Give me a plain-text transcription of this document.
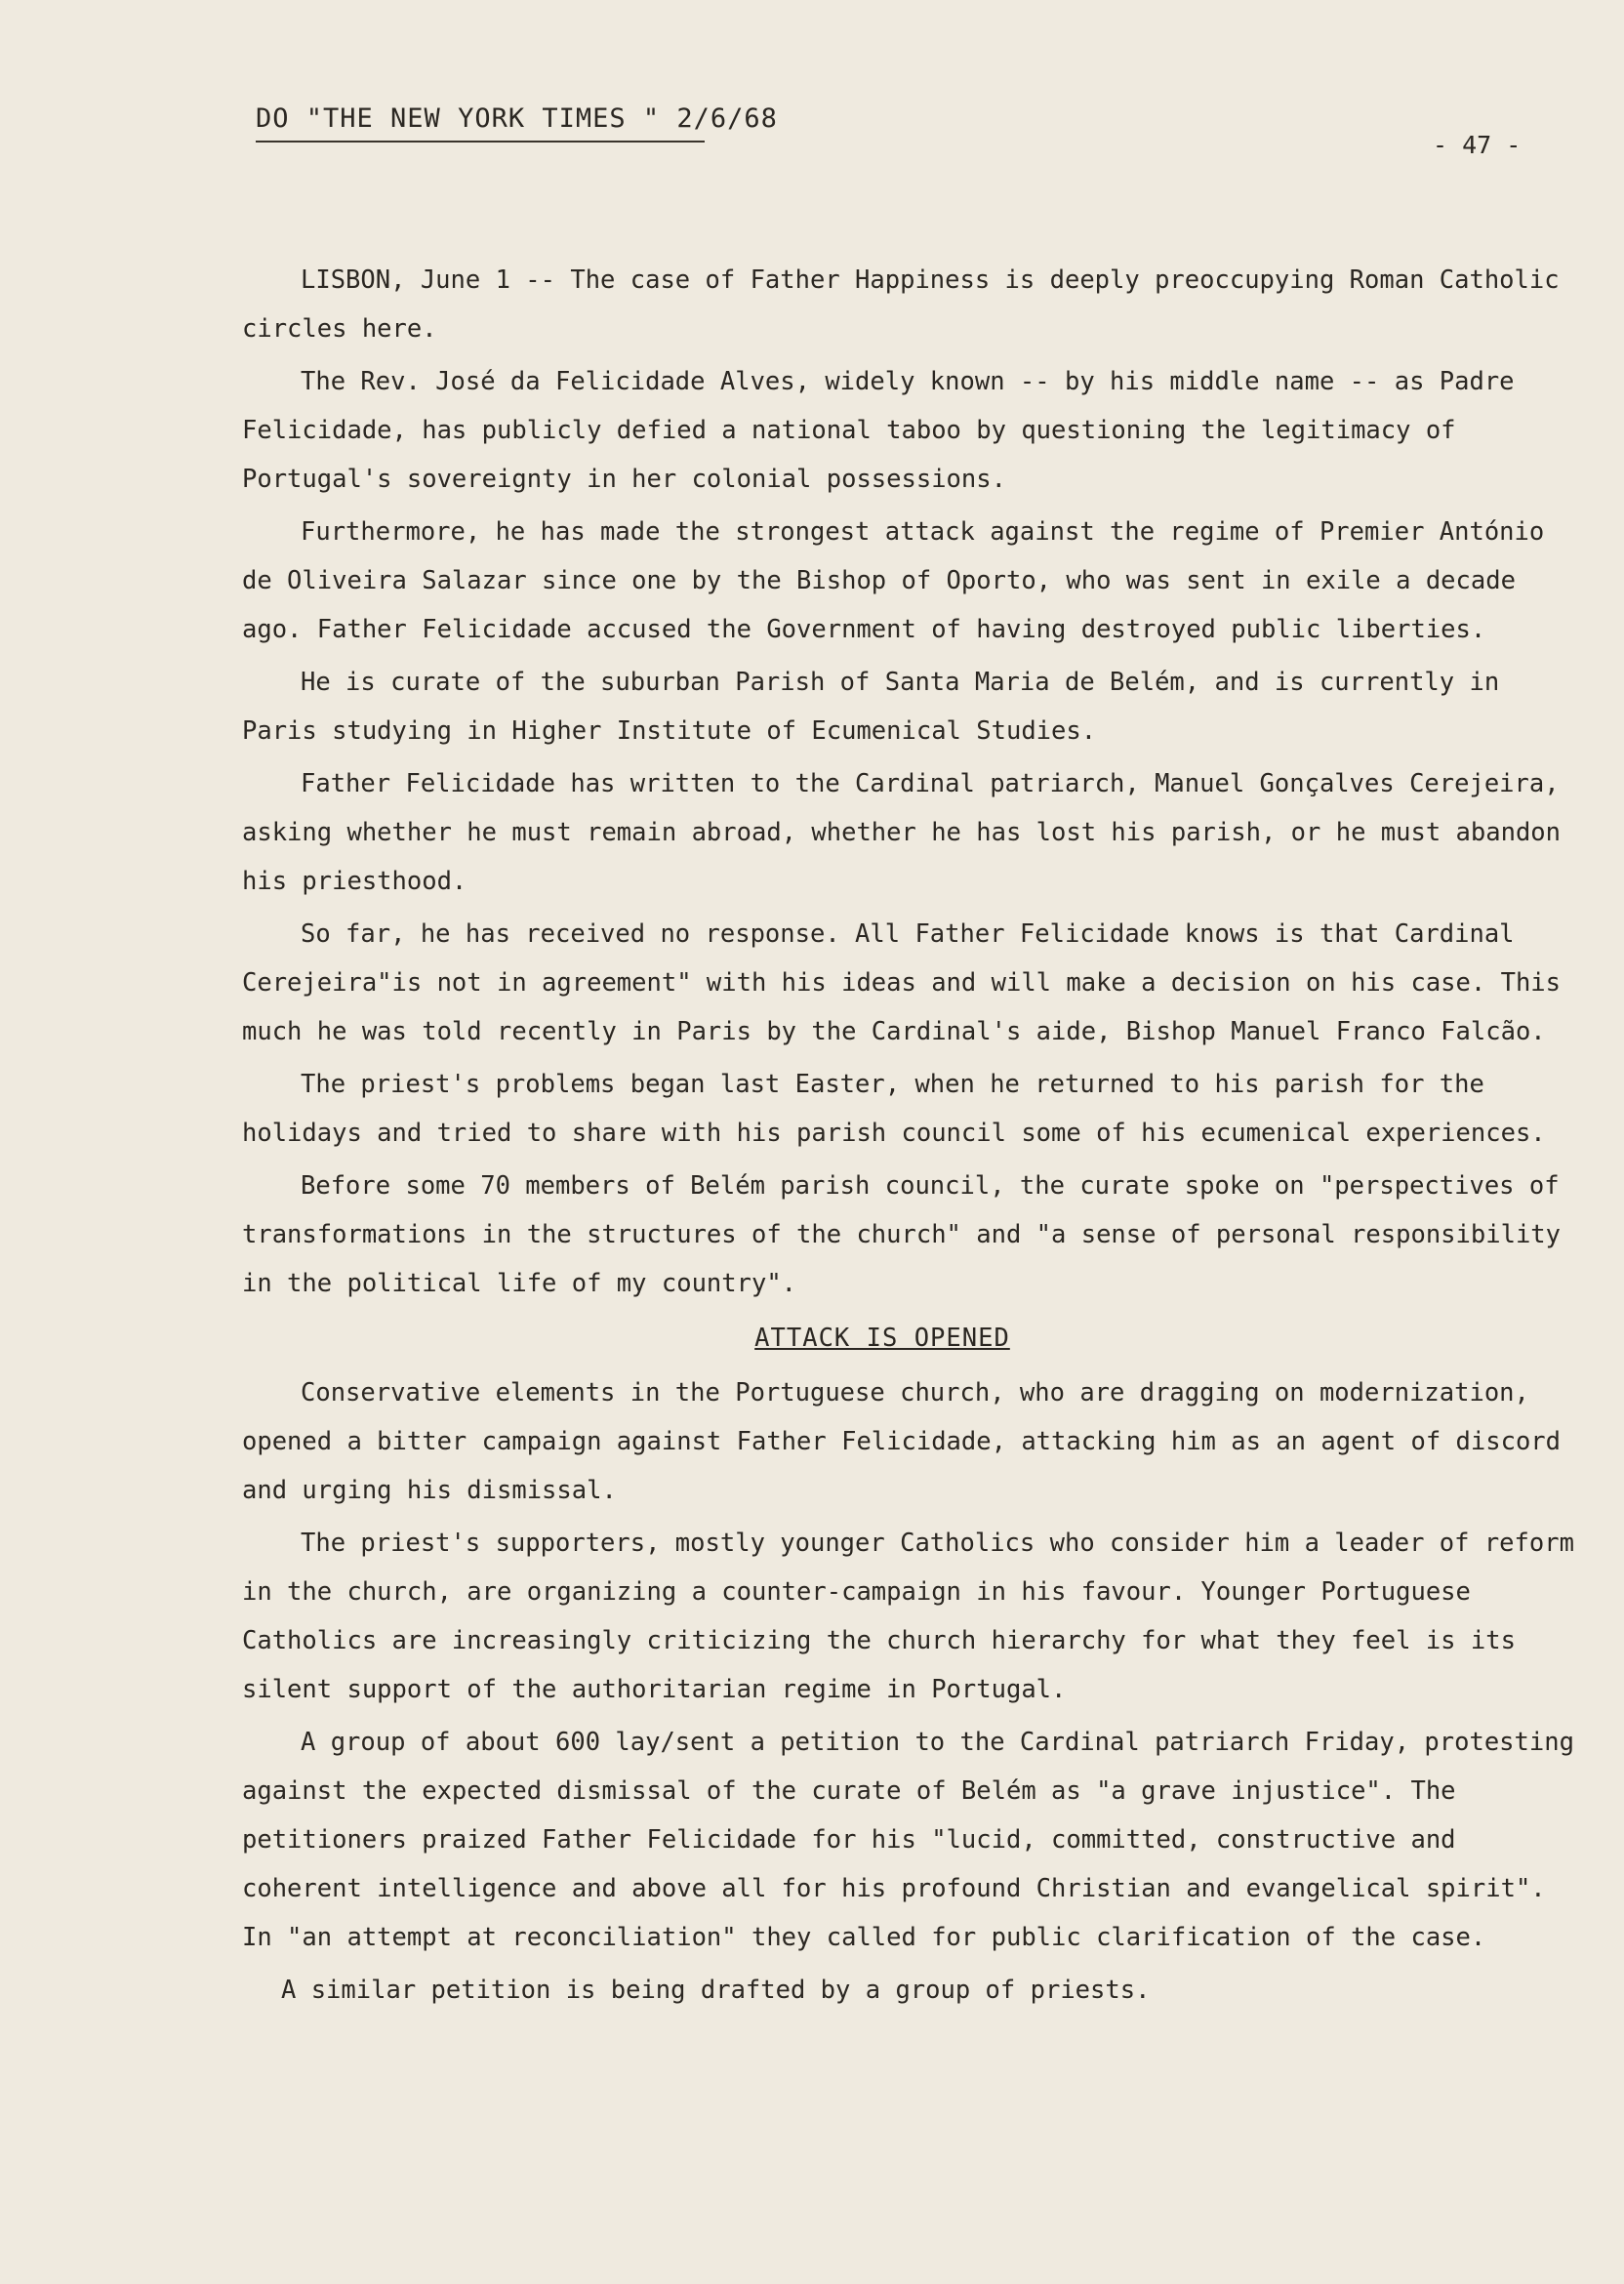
DO "THE NEW YORK TIMES " 2/6/68
- 47 -

LISBON, June 1 -- The case of Father Happiness is deeply preoccupying Roman Catholic circles here.

The Rev. José da Felicidade Alves, widely known -- by his middle name -- as Padre Felicidade, has publicly defied a national taboo by questioning the legitimacy of Portugal's sovereignty in her colonial possessions.

Furthermore, he has made the strongest attack against the regime of Premier António de Oliveira Salazar since one by the Bishop of Oporto, who was sent in exile a decade ago. Father Felicidade accused the Government of having destroyed public liberties.

He is curate of the suburban Parish of Santa Maria de Belém, and is currently in Paris studying in Higher Institute of Ecumenical Studies.

Father Felicidade has written to the Cardinal patriarch, Manuel Gonçalves Cerejeira, asking whether he must remain abroad, whether he has lost his parish, or he must abandon his priesthood.

So far, he has received no response. All Father Felicidade knows is that Cardinal Cerejeira"is not in agreement" with his ideas and will make a decision on his case. This much he was told recently in Paris by the Cardinal's aide, Bishop Manuel Franco Falcão.

The priest's problems began last Easter, when he returned to his parish for the holidays and tried to share with his parish council some of his ecumenical experiences.

Before some 70 members of Belém parish council, the curate spoke on "perspectives of transformations in the structures of the church" and "a sense of personal responsibility in the political life of my country".

ATTACK IS OPENED

Conservative elements in the Portuguese church, who are dragging on modernization, opened a bitter campaign against Father Felicidade, attacking him as an agent of discord and urging his dismissal.

The priest's supporters, mostly younger Catholics who consider him a leader of reform in the church, are organizing a counter-campaign in his favour. Younger Portuguese Catholics are increasingly criticizing the church hierarchy for what they feel is its silent support of the authoritarian regime in Portugal.

A group of about 600 lay/sent a petition to the Cardinal patriarch Friday, protesting against the expected dismissal of the curate of Belém as "a grave injustice". The petitioners praized Father Felicidade for his "lucid, committed, constructive and coherent intelligence and above all for his profound Christian and evangelical spirit". In "an attempt at reconciliation" they called for public clarification of the case.

A similar petition is being drafted by a group of priests.
